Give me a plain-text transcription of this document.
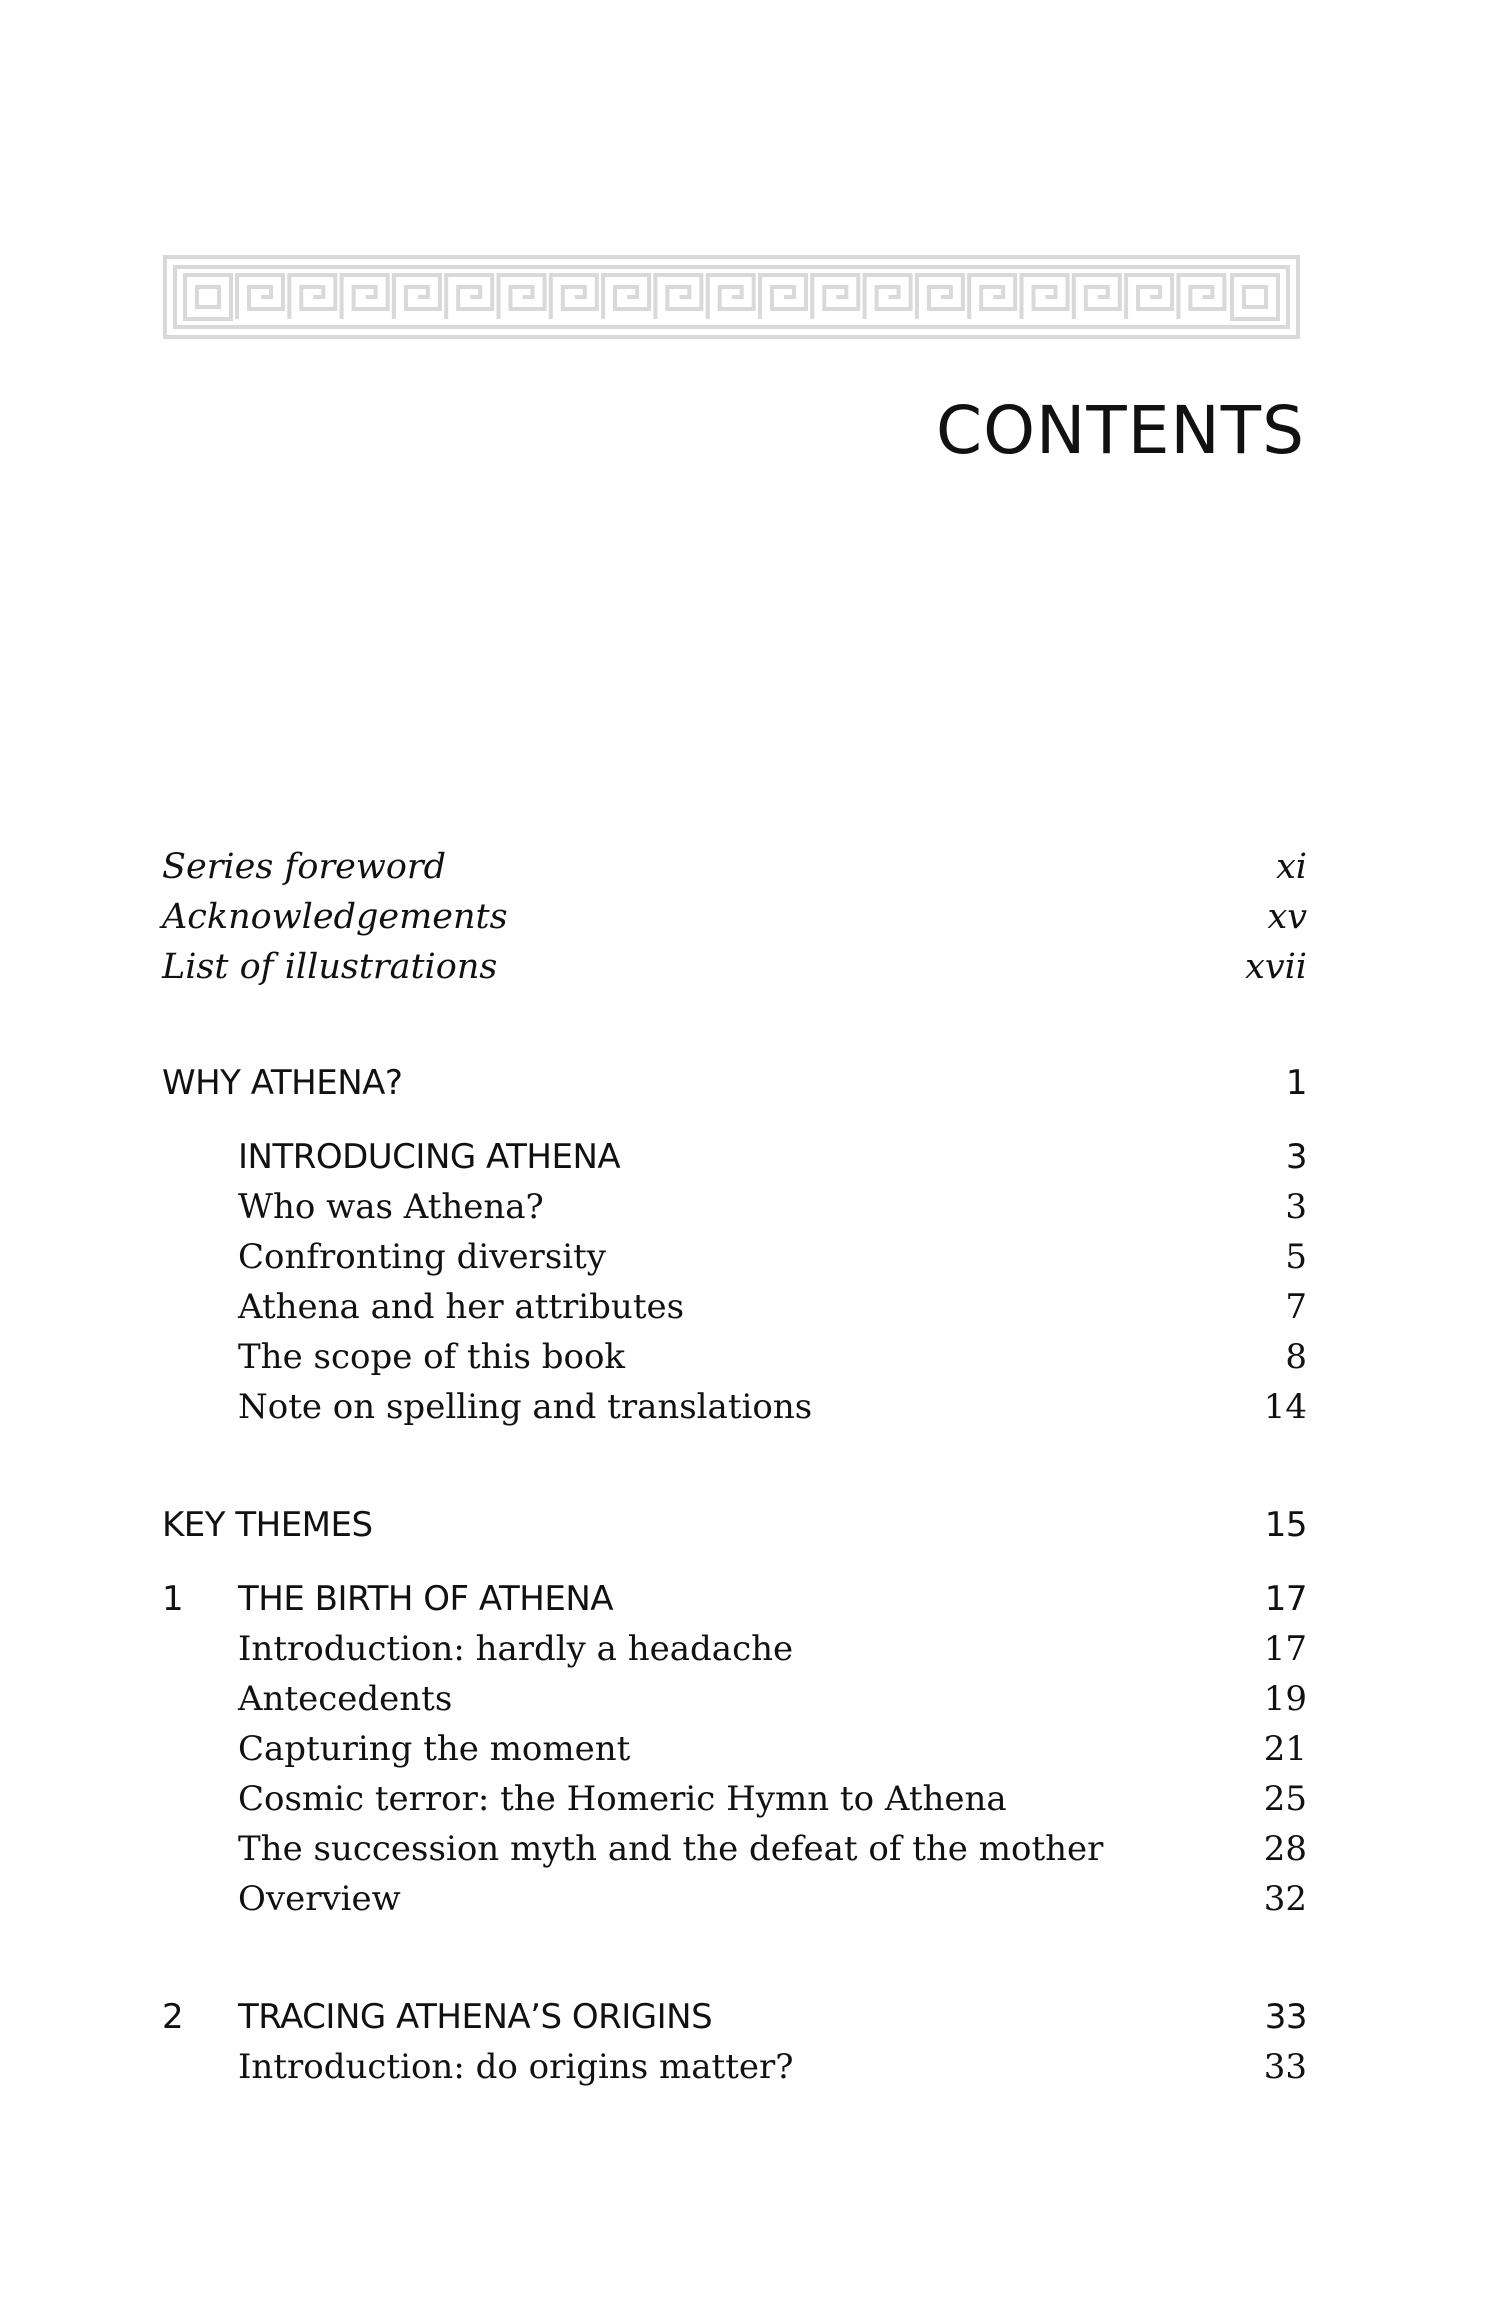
CONTENTS
Series foreword	xi
Acknowledgements	xv
List of illustrations	xvii
WHY ATHENA?	1
INTRODUCING ATHENA	3
Who was Athena?	3
Confronting diversity	5
Athena and her attributes	7
The scope of this book	8
Note on spelling and translations	14
KEY THEMES	15
1 THE BIRTH OF ATHENA	17
Introduction: hardly a headache	17
Antecedents	19
Capturing the moment	21
Cosmic terror: the Homeric Hymn to Athena	25
The succession myth and the defeat of the mother	28
Overview	32
2 TRACING ATHENA’S ORIGINS	33
Introduction: do origins matter?	33
